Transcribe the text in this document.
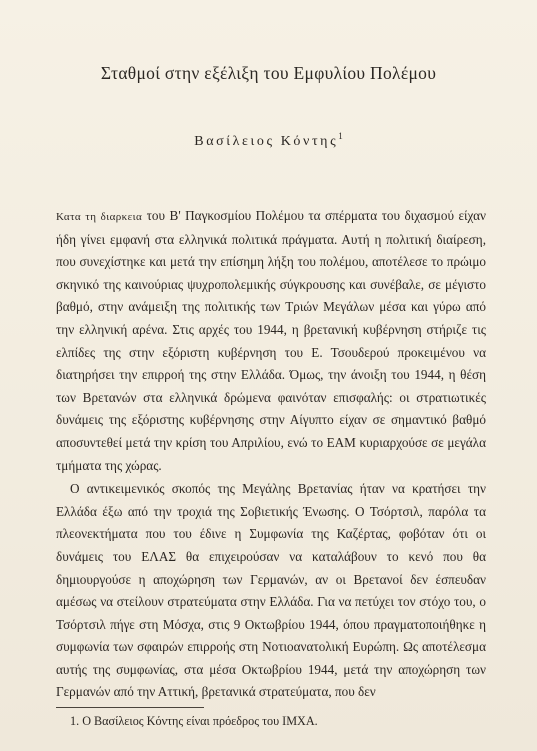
Σταθμοί στην εξέλιξη του Εμφυλίου Πολέμου
Βασίλειος Κόντης$^1$

Κατα τη διαρκεια του Β' Παγκοσμίου Πολέμου τα σπέρματα του διχασμού είχαν ήδη γίνει εμφανή στα ελληνικά πολιτικά πράγματα. Αυτή η πολιτική διαίρεση, που συνεχίστηκε και μετά την επίσημη λήξη του πολέμου, αποτέλεσε το πρώιμο σκηνικό της καινούριας ψυχροπολεμικής σύγκρουσης και συνέβαλε, σε μέγιστο βαθμό, στην ανάμειξη της πολιτικής των Τριών Μεγάλων μέσα και γύρω από την ελληνική αρένα. Στις αρχές του 1944, η βρετανική κυβέρνηση στήριζε τις ελπίδες της στην εξόριστη κυβέρνηση του Ε. Τσουδερού προκειμένου να διατηρήσει την επιρροή της στην Ελλάδα. Όμως, την άνοιξη του 1944, η θέση των Βρετανών στα ελληνικά δρώμενα φαινόταν επισφαλής: οι στρατιωτικές δυνάμεις της εξόριστης κυβέρνησης στην Αίγυπτο είχαν σε σημαντικό βαθμό αποσυντεθεί μετά την κρίση του Απριλίου, ενώ το ΕΑΜ κυριαρχούσε σε μεγάλα τμήματα της χώρας.

Ο αντικειμενικός σκοπός της Μεγάλης Βρετανίας ήταν να κρατήσει την Ελλάδα έξω από την τροχιά της Σοβιετικής Ένωσης. Ο Τσόρτσιλ, παρόλα τα πλεονεκτήματα που του έδινε η Συμφωνία της Καζέρτας, φοβόταν ότι οι δυνάμεις του ΕΛΑΣ θα επιχειρούσαν να καταλάβουν το κενό που θα δημιουργούσε η αποχώρηση των Γερμανών, αν οι Βρετανοί δεν έσπευδαν αμέσως να στείλουν στρατεύματα στην Ελλάδα. Για να πετύχει τον στόχο του, ο Τσόρτσιλ πήγε στη Μόσχα, στις 9 Οκτωβρίου 1944, όπου πραγματοποιήθηκε η συμφωνία των σφαιρών επιρροής στη Νοτιοανατολική Ευρώπη. Ως αποτέλεσμα αυτής της συμφωνίας, στα μέσα Οκτωβρίου 1944, μετά την αποχώρηση των Γερμανών από την Αττική, βρετανικά στρατεύματα, που δεν

1. Ο Βασίλειος Κόντης είναι πρόεδρος του ΙΜΧΑ.
